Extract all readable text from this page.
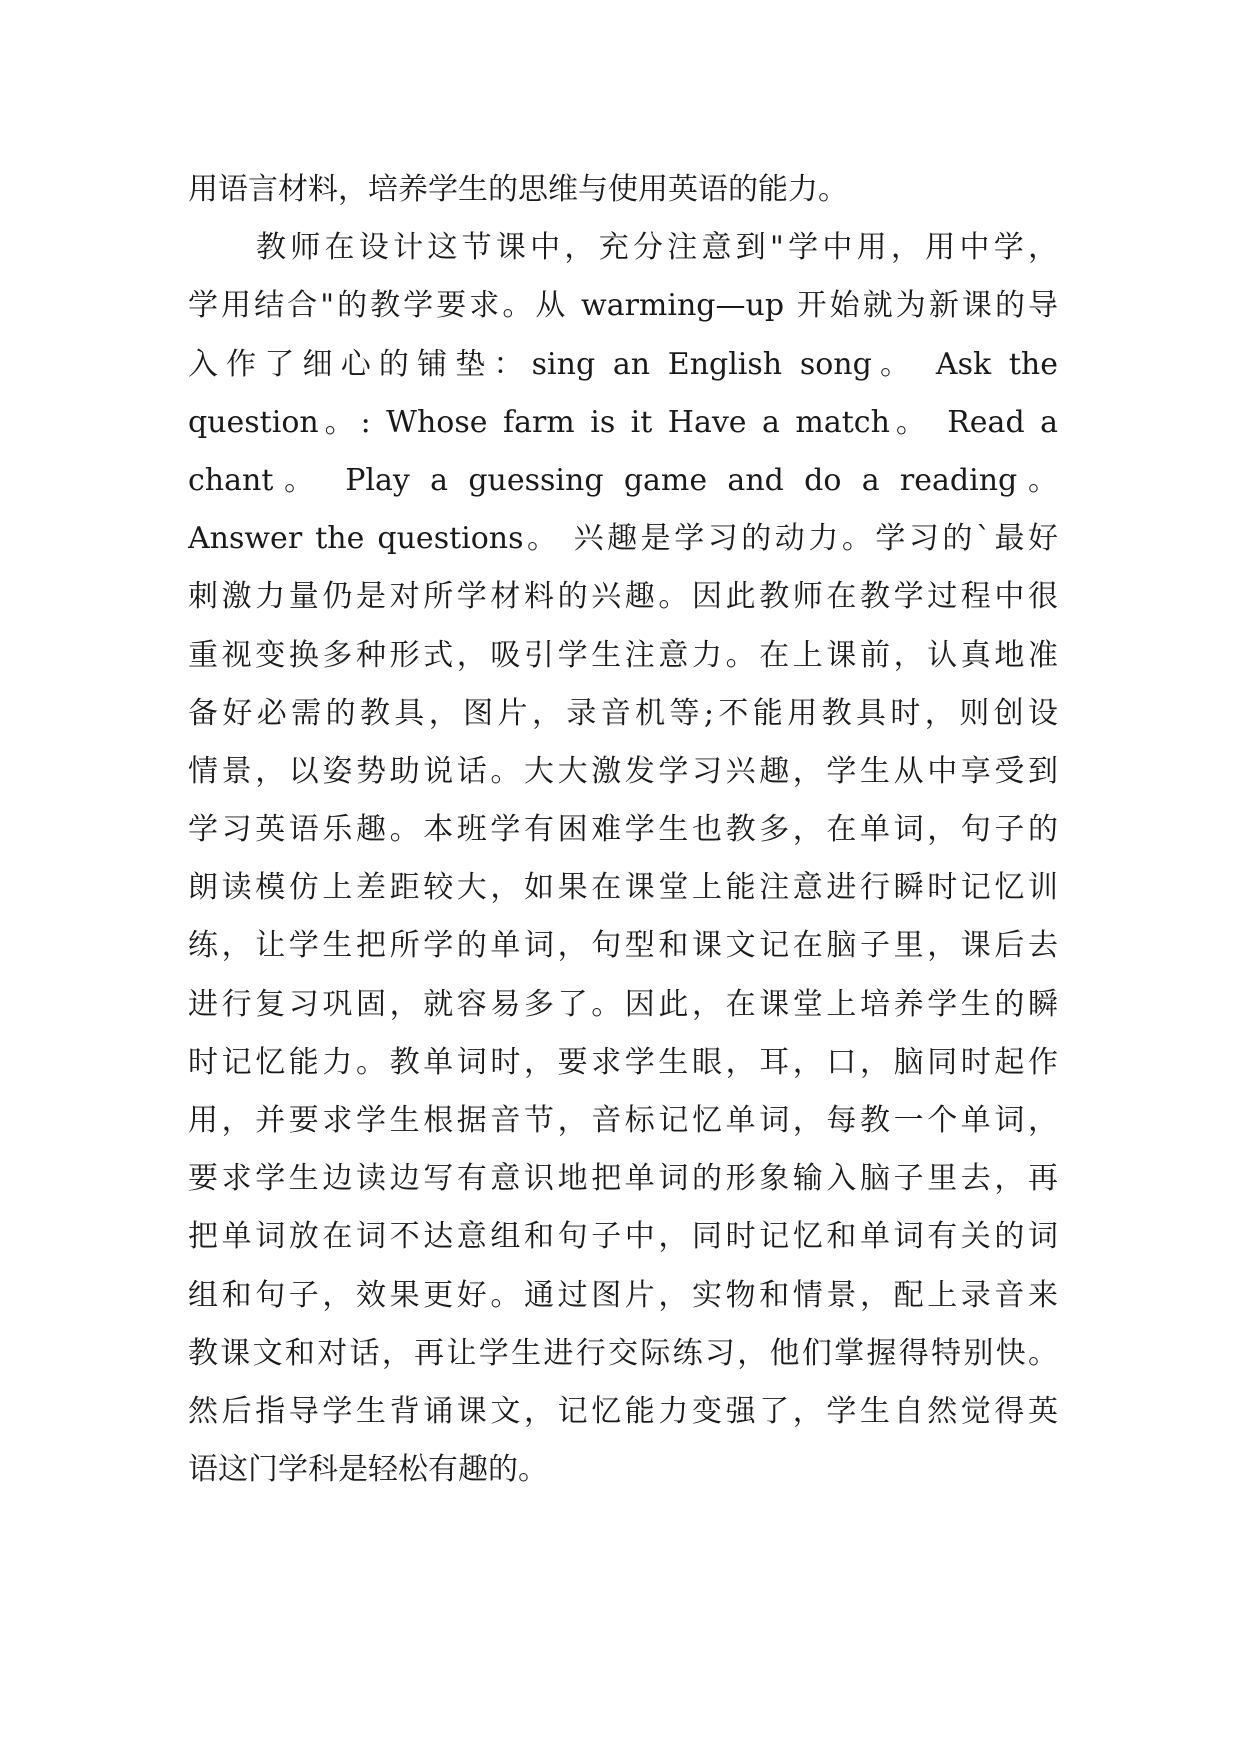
用语言材料，培养学生的思维与使用英语的能力。
教师在设计这节课中，充分注意到"学中用，用中学，
学用结合"的教学要求。从 warming—up 开始就为新课的导
入作了细心的铺垫：sing an English song。 Ask the
question。: Whose farm is it Have a match。 Read a
chant。 Play a guessing game and do a reading。
Answer the questions。 兴趣是学习的动力。学习的`最好
刺激力量仍是对所学材料的兴趣。因此教师在教学过程中很
重视变换多种形式，吸引学生注意力。在上课前，认真地准
备好必需的教具，图片，录音机等;不能用教具时，则创设
情景，以姿势助说话。大大激发学习兴趣，学生从中享受到
学习英语乐趣。本班学有困难学生也教多，在单词，句子的
朗读模仿上差距较大，如果在课堂上能注意进行瞬时记忆训
练，让学生把所学的单词，句型和课文记在脑子里，课后去
进行复习巩固，就容易多了。因此，在课堂上培养学生的瞬
时记忆能力。教单词时，要求学生眼，耳，口，脑同时起作
用，并要求学生根据音节，音标记忆单词，每教一个单词，
要求学生边读边写有意识地把单词的形象输入脑子里去，再
把单词放在词不达意组和句子中，同时记忆和单词有关的词
组和句子，效果更好。通过图片，实物和情景，配上录音来
教课文和对话，再让学生进行交际练习，他们掌握得特别快。
然后指导学生背诵课文，记忆能力变强了，学生自然觉得英
语这门学科是轻松有趣的。
